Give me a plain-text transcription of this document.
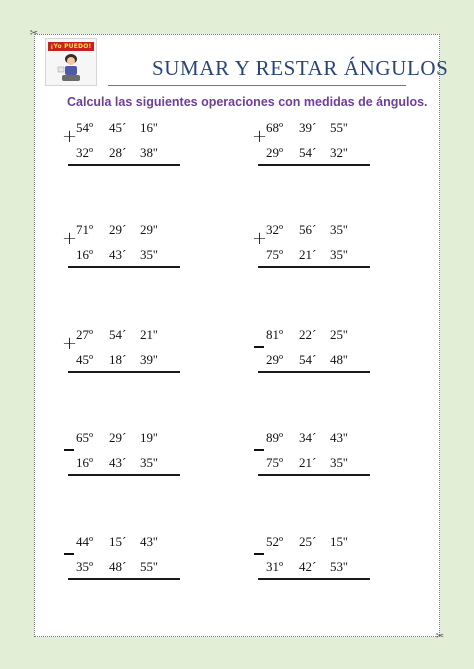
✂
✂
¡Yo PUEDO!
SUMAR Y RESTAR ÁNGULOS
Calcula las siguientes operaciones con medidas de ángulos.
+
54º 45´ 16''
32º 28´ 38''
+
68º 39´ 55''
29º 54´ 32''
+
71º 29´ 29''
16º 43´ 35''
+
32º 56´ 35''
75º 21´ 35''
+
27º 54´ 21''
45º 18´ 39''
81º 22´ 25''
29º 54´ 48''
65º 29´ 19''
16º 43´ 35''
89º 34´ 43''
75º 21´ 35''
44º 15´ 43''
35º 48´ 55''
52º 25´ 15''
31º 42´ 53''
